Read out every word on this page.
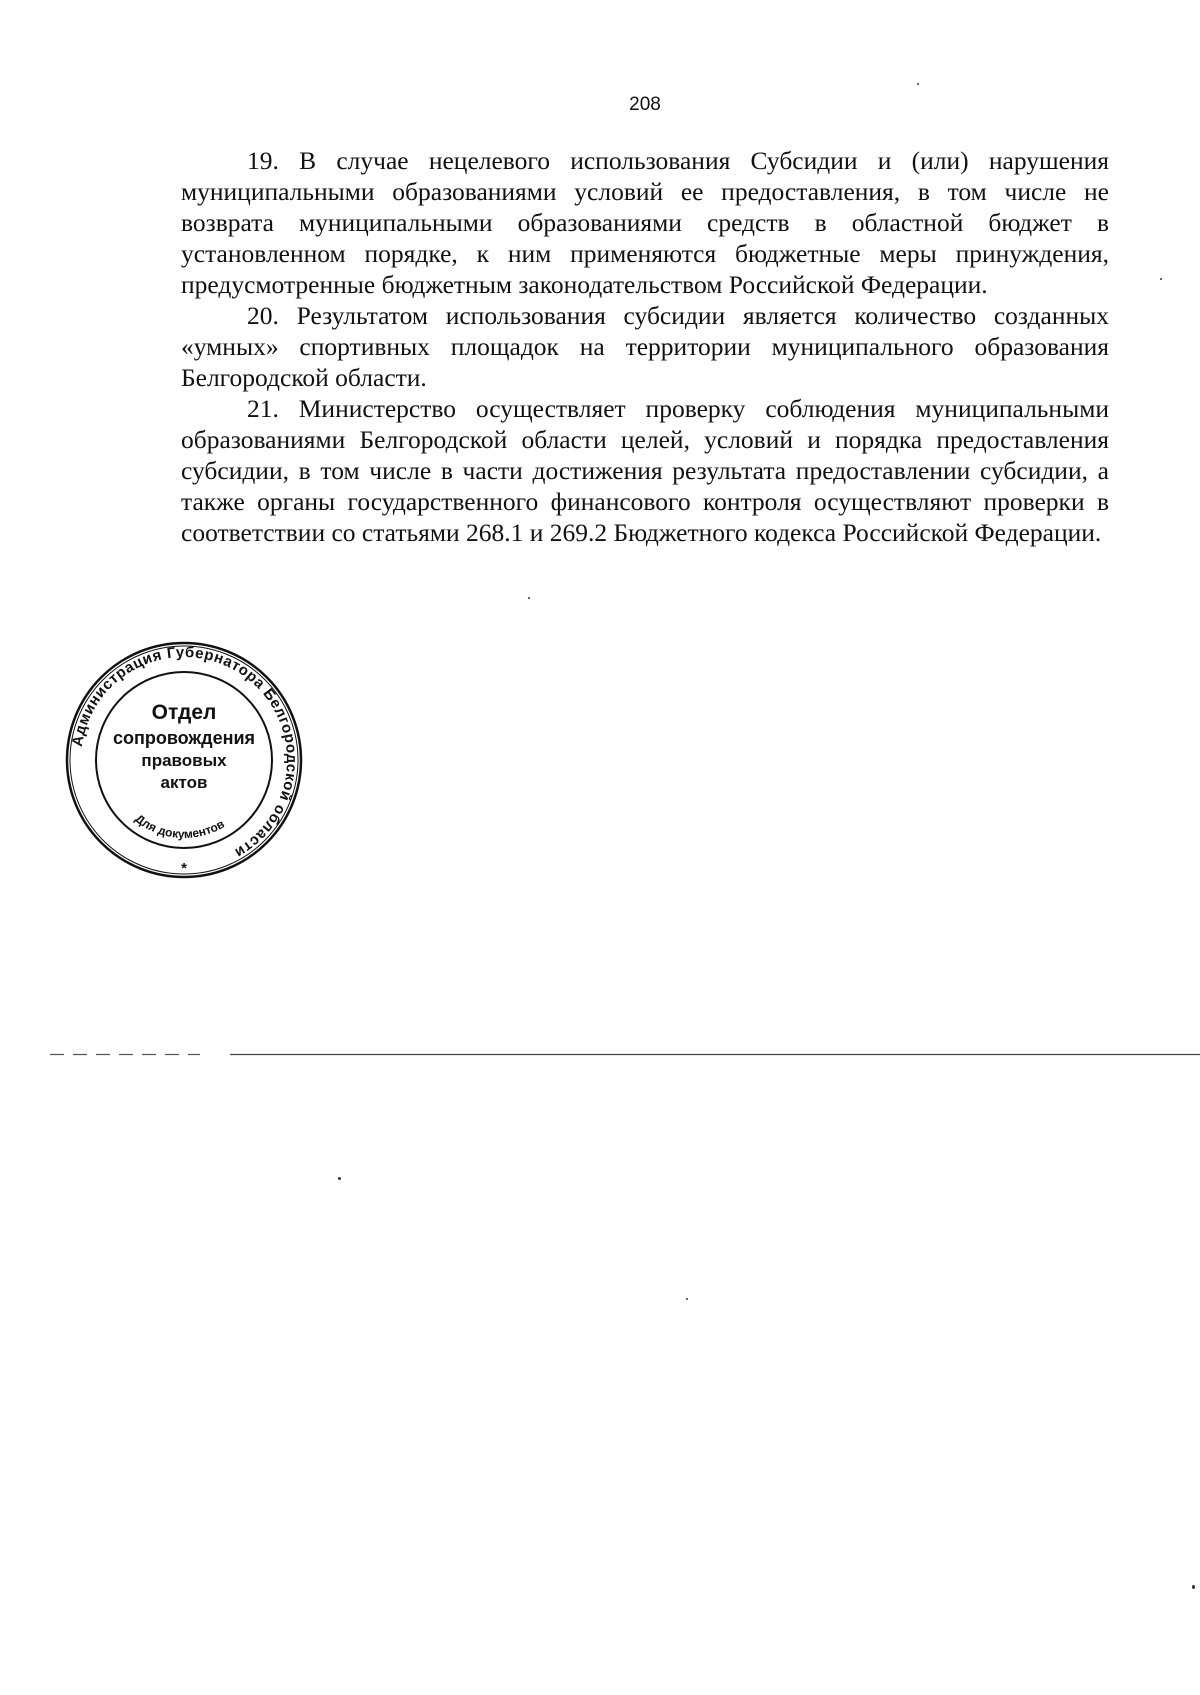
208

19. В случае нецелевого использования Субсидии и (или) нарушения муниципальными образованиями условий ее предоставления, в том числе не возврата муниципальными образованиями средств в областной бюджет в установленном порядке, к ним применяются бюджетные меры принуждения, предусмотренные бюджетным законодательством Российской Федерации.

20. Результатом использования субсидии является количество созданных «умных» спортивных площадок на территории муниципального образования Белгородской области.

21. Министерство осуществляет проверку соблюдения муниципальными образованиями Белгородской области целей, условий и порядка предоставления субсидии, в том числе в части достижения результата предоставлении субсидии, а также органы государственного финансового контроля осуществляют проверки в соответствии со статьями 268.1 и 269.2 Бюджетного кодекса Российской Федерации.

Администрация Губернатора Белгородской области
Для документов
*
Отдел
сопровождения
правовых
актов
